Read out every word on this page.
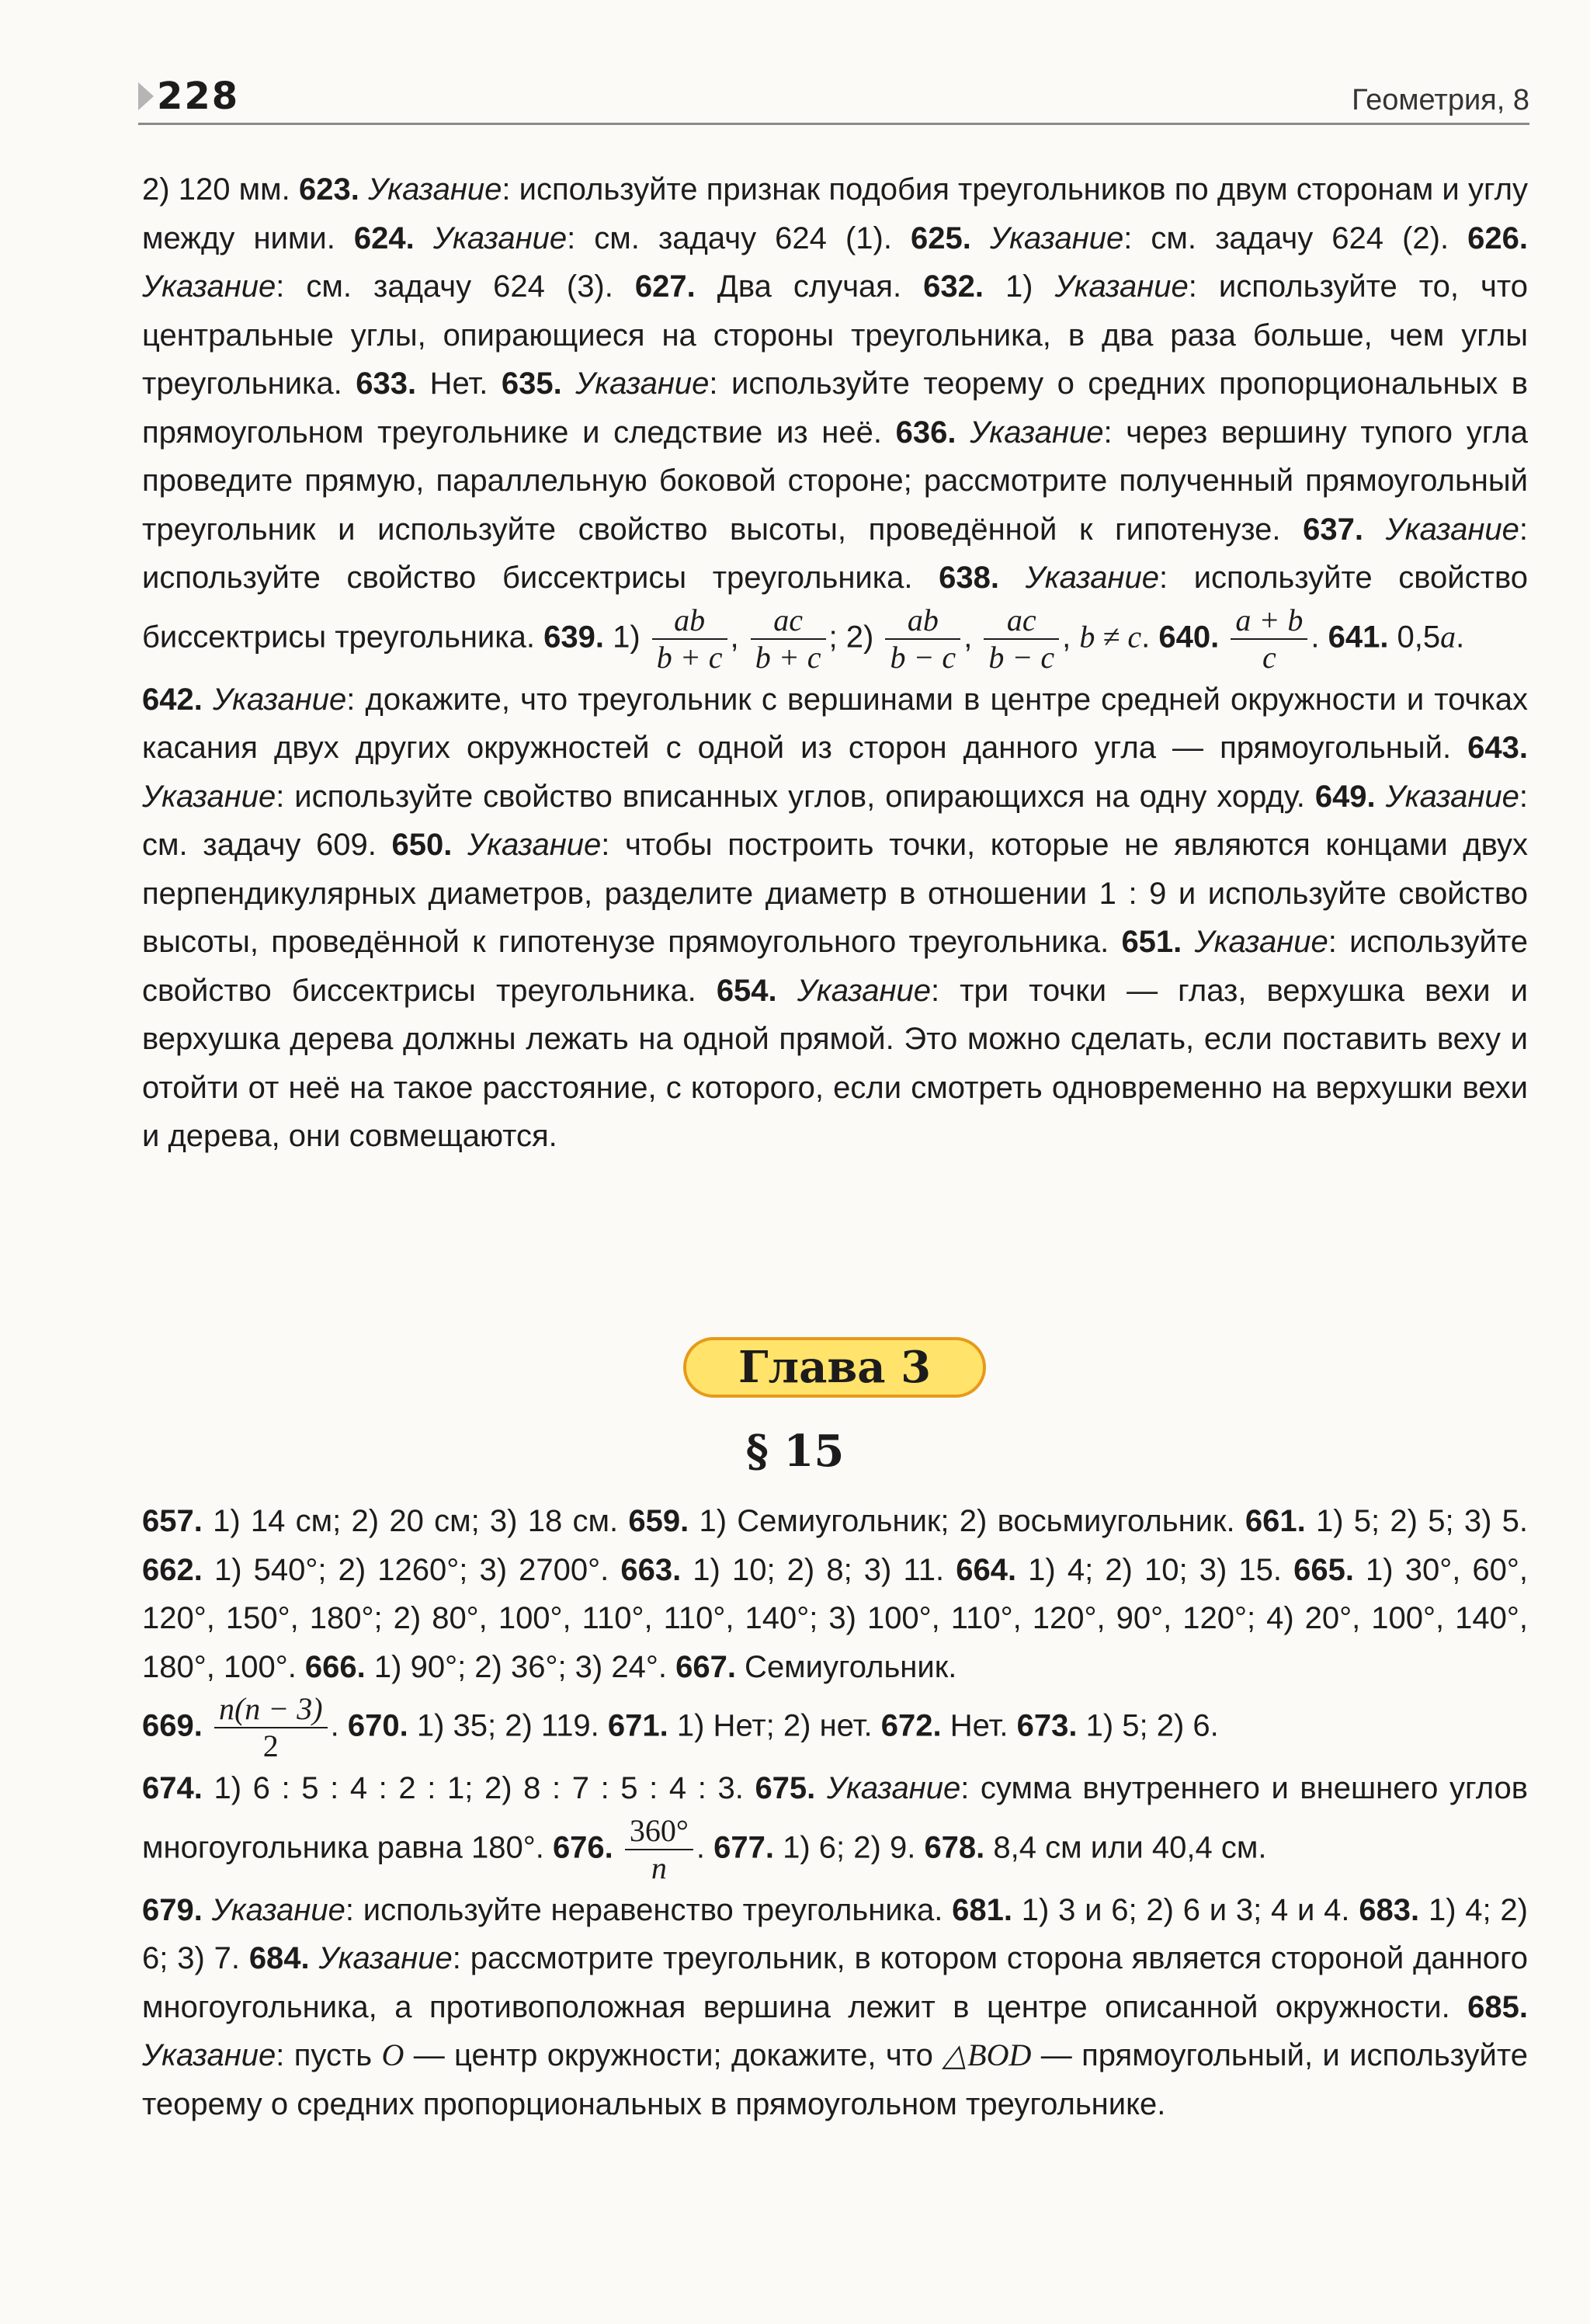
228	Геометрия, 8

2) 120 мм. 623. Указание: используйте признак подобия треугольников по двум сторонам и углу между ними. 624. Указание: см. задачу 624 (1). 625. Указание: см. задачу 624 (2). 626. Указание: см. задачу 624 (3). 627. Два случая. 632. 1) Указание: используйте то, что центральные углы, опирающиеся на стороны треугольника, в два раза больше, чем углы треугольника. 633. Нет. 635. Указание: используйте теорему о средних пропорциональных в прямоугольном треугольнике и следствие из неё. 636. Указание: через вершину тупого угла проведите прямую, параллельную боковой стороне; рассмотрите полученный прямоугольный треугольник и используйте свойство высоты, проведённой к гипотенузе. 637. Указание: используйте свойство биссектрисы треугольника. 638. Указание: используйте свойство биссектрисы треугольника. 639. $1) \frac{ab}{b + c}$ , $\frac{ac}{b + c}$ ; $2) \frac{ab}{b - c}$ , $\frac{ac}{b - c}$ , b ≠ c. 640. $\frac{a + b}{c}$ . 641. 0,5a.

642. Указание: докажите, что треугольник с вершинами в центре средней окружности и точках касания двух других окружностей с одной из сторон данного угла — прямоугольный. 643. Указание: используйте свойство вписанных углов, опирающихся на одну хорду. 649. Указание: см. задачу 609. 650. Указание: чтобы построить точки, которые не являются концами двух перпендикулярных диаметров, разделите диаметр в отношении 1 : 9 и используйте свойство высоты, проведённой к гипотенузе прямоугольного треугольника. 651. Указание: используйте свойство биссектрисы треугольника. 654. Указание: три точки — глаз, верхушка вехи и верхушка дерева должны лежать на одной прямой. Это можно сделать, если поставить веху и отойти от неё на такое расстояние, с которого, если смотреть одновременно на верхушки вехи и дерева, они совмещаются.

Глава 3
§ 15

657. 1) 14 см; 2) 20 см; 3) 18 см. 659. 1) Семиугольник; 2) восьмиугольник. 661. 1) 5; 2) 5; 3) 5. 662. 1) 540°; 2) 1260°; 3) 2700°. 663. 1) 10; 2) 8; 3) 11. 664. 1) 4; 2) 10; 3) 15. 665. 1) 30°, 60°, 120°, 150°, 180°; 2) 80°, 100°, 110°, 110°, 140°; 3) 100°, 110°, 120°, 90°, 120°; 4) 20°, 100°, 140°, 180°, 100°. 666. 1) 90°; 2) 36°; 3) 24°. 667. Семиугольник.

669. $\frac{n(n - 3)}{2}$ . 670. 1) 35; 2) 119. 671. 1) Нет; 2) нет. 672. Нет. 673. 1) 5; 2) 6.

674. 1) 6 : 5 : 4 : 2 : 1; 2) 8 : 7 : 5 : 4 : 3. 675. Указание: сумма внутреннего и внешнего углов многоугольника равна 180°. 676. $\frac{360^\circ}{n}$ . 677. 1) 6; 2) 9. 678. 8,4 см или 40,4 см.

679. Указание: используйте неравенство треугольника. 681. 1) 3 и 6; 2) 6 и 3; 4 и 4. 683. 1) 4; 2) 6; 3) 7. 684. Указание: рассмотрите треугольник, в котором сторона является стороной данного многоугольника, а противоположная вершина лежит в центре описанной окружности. 685. Указание: пусть O — центр окружности; докажите, что △BOD — прямоугольный, и используйте теорему о средних пропорциональных в прямоугольном треугольнике.
